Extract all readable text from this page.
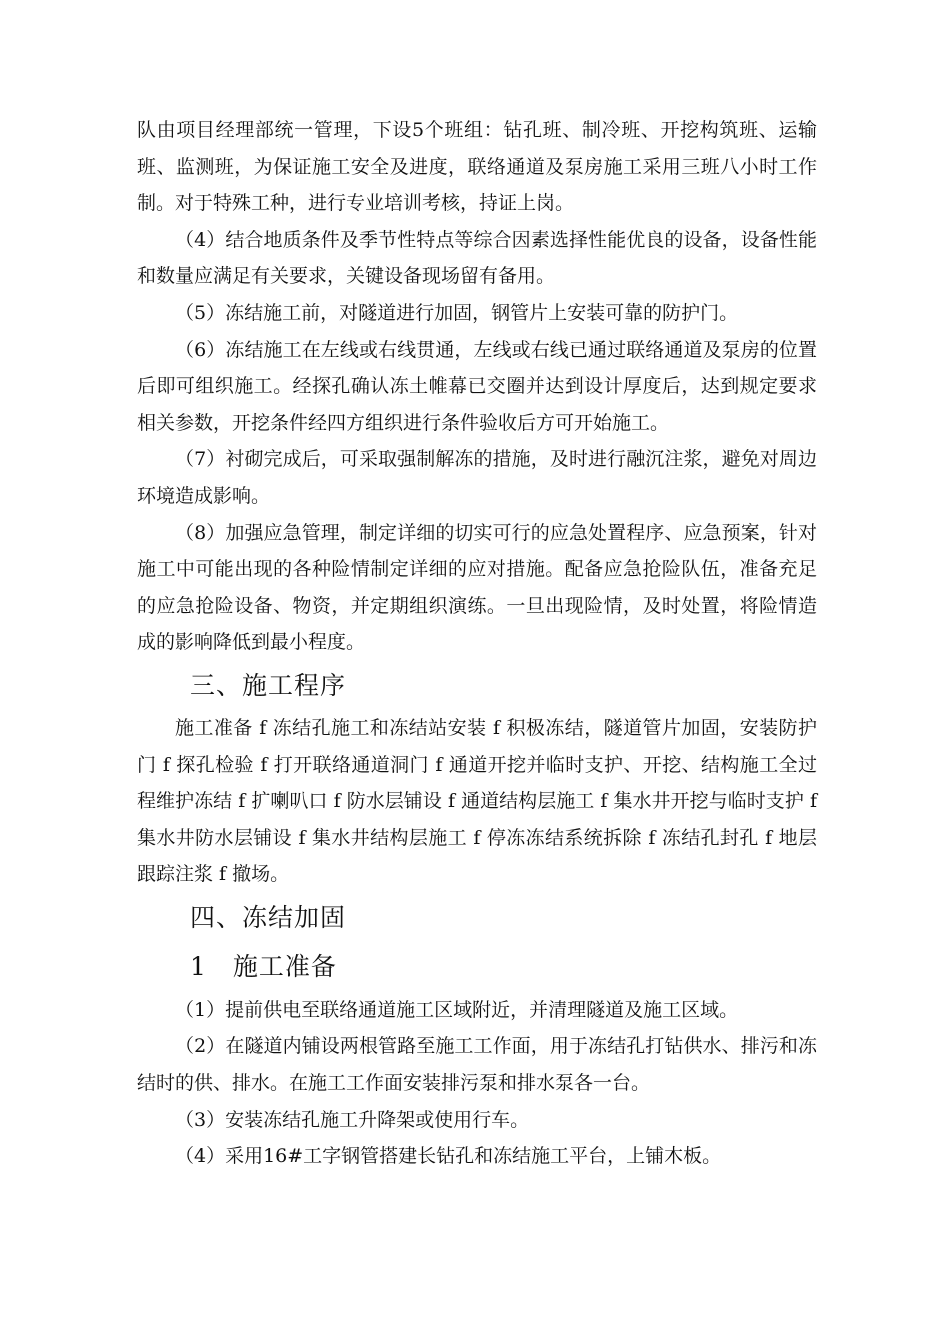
队由项目经理部统一管理，下设5个班组：钻孔班、制冷班、开挖构筑班、运输班、监测班，为保证施工安全及进度，联络通道及泵房施工采用三班八小时工作制。对于特殊工种，进行专业培训考核，持证上岗。

（4）结合地质条件及季节性特点等综合因素选择性能优良的设备，设备性能和数量应满足有关要求，关键设备现场留有备用。

（5）冻结施工前，对隧道进行加固，钢管片上安装可靠的防护门。

（6）冻结施工在左线或右线贯通，左线或右线已通过联络通道及泵房的位置后即可组织施工。经探孔确认冻土帷幕已交圈并达到设计厚度后，达到规定要求相关参数，开挖条件经四方组织进行条件验收后方可开始施工。

（7）衬砌完成后，可采取强制解冻的措施，及时进行融沉注浆，避免对周边环境造成影响。

（8）加强应急管理，制定详细的切实可行的应急处置程序、应急预案，针对施工中可能出现的各种险情制定详细的应对措施。配备应急抢险队伍，准备充足的应急抢险设备、物资，并定期组织演练。一旦出现险情，及时处置，将险情造成的影响降低到最小程度。

三、施工程序

施工准备 f 冻结孔施工和冻结站安装 f 积极冻结，隧道管片加固，安装防护门 f 探孔检验 f 打开联络通道洞门 f 通道开挖并临时支护、开挖、结构施工全过程维护冻结 f 扩喇叭口 f 防水层铺设 f 通道结构层施工 f 集水井开挖与临时支护 f 集水井防水层铺设 f 集水井结构层施工 f 停冻冻结系统拆除 f 冻结孔封孔 f 地层跟踪注浆 f 撤场。

四、冻结加固

1　施工准备

（1）提前供电至联络通道施工区域附近，并清理隧道及施工区域。

（2）在隧道内铺设两根管路至施工工作面，用于冻结孔打钻供水、排污和冻结时的供、排水。在施工工作面安装排污泵和排水泵各一台。

（3）安装冻结孔施工升降架或使用行车。

（4）采用16#工字钢管搭建长钻孔和冻结施工平台，上铺木板。
